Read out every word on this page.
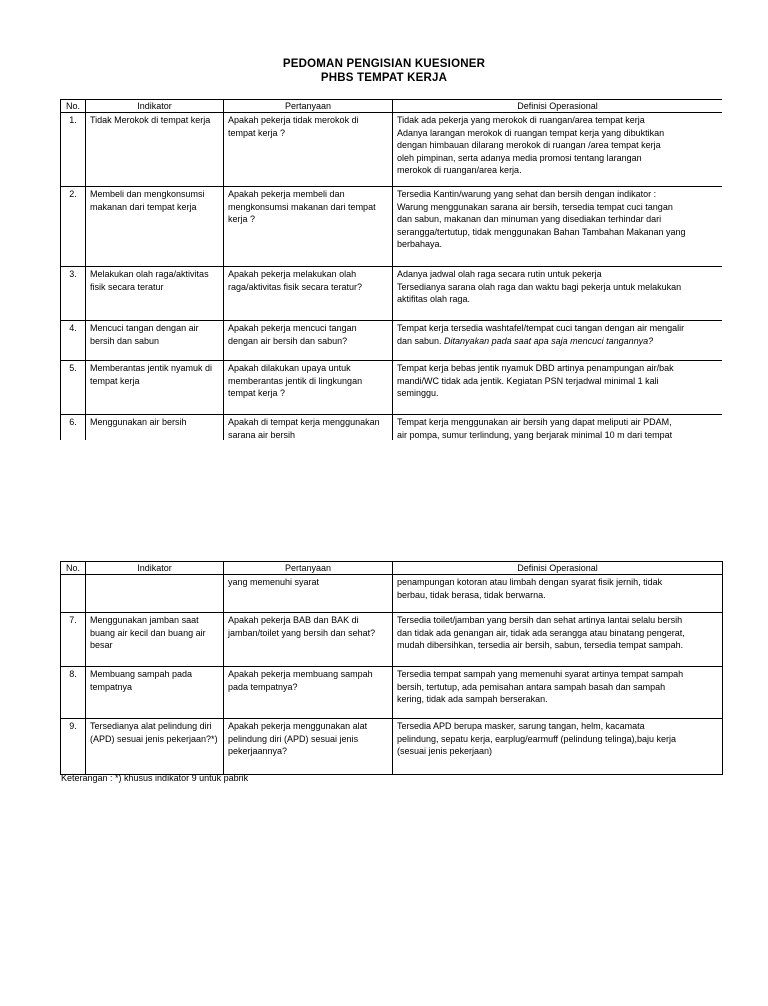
PEDOMAN PENGISIAN KUESIONER
PHBS TEMPAT KERJA
No.	Indikator	Pertanyaan	Definisi Operasional
1.	Tidak Merokok di tempat kerja	Apakah pekerja tidak merokok di tempat kerja ?	Tidak ada pekerja yang merokok di ruangan/area tempat kerja
Adanya larangan merokok di ruangan tempat kerja yang dibuktikan
dengan himbauan dilarang merokok di ruangan /area tempat kerja
oleh pimpinan, serta adanya media promosi tentang larangan
merokok di ruangan/area kerja.

2.	Membeli dan mengkonsumsi makanan dari tempat kerja	Apakah pekerja membeli dan mengkonsumsi makanan dari tempat kerja ?	Tersedia Kantin/warung yang sehat dan bersih dengan indikator :
Warung menggunakan sarana air bersih, tersedia tempat cuci tangan
dan sabun, makanan dan minuman yang disediakan terhindar dari
serangga/tertutup, tidak menggunakan Bahan Tambahan Makanan yang
berbahaya.

3.	Melakukan olah raga/aktivitas fisik secara teratur	Apakah pekerja melakukan olah raga/aktivitas fisik secara teratur?	Adanya jadwal olah raga secara rutin untuk pekerja
Tersedianya sarana olah raga dan waktu bagi pekerja untuk melakukan
aktifitas olah raga.

4.	Mencuci tangan dengan air bersih dan sabun	Apakah pekerja mencuci tangan dengan air bersih dan sabun?	Tempat kerja tersedia washtafel/tempat cuci tangan dengan air mengalir
dan sabun. Ditanyakan pada saat apa saja mencuci tangannya?

5.	Memberantas jentik nyamuk di tempat kerja	Apakah dilakukan upaya untuk memberantas jentik di lingkungan tempat kerja ?	Tempat kerja bebas jentik nyamuk DBD artinya penampungan air/bak
mandi/WC tidak ada jentik. Kegiatan PSN terjadwal minimal 1 kali
seminggu.

6.	Menggunakan air bersih	Apakah di tempat kerja menggunakan sarana air bersih	Tempat kerja menggunakan air bersih yang dapat meliputi air PDAM,
air pompa, sumur terlindung, yang berjarak minimal 10 m dari tempat
No.	Indikator	Pertanyaan	Definisi Operasional
		yang memenuhi syarat	penampungan kotoran atau limbah dengan syarat fisik jernih, tidak
berbau, tidak berasa, tidak berwarna.

7.	Menggunakan jamban saat buang air kecil dan buang air besar	Apakah pekerja BAB dan BAK di jamban/toilet yang bersih dan sehat?	Tersedia toilet/jamban yang bersih dan sehat artinya lantai selalu bersih
dan tidak ada genangan air, tidak ada serangga atau binatang pengerat,
mudah dibersihkan, tersedia air bersih, sabun, tersedia tempat sampah.

8.	Membuang sampah pada tempatnya	Apakah pekerja membuang sampah pada tempatnya?	Tersedia tempat sampah yang memenuhi syarat artinya tempat sampah
bersih, tertutup, ada pemisahan antara sampah basah dan sampah
kering, tidak ada sampah berserakan.

9.	Tersedianya alat pelindung diri (APD) sesuai jenis pekerjaan?*)	Apakah pekerja menggunakan alat pelindung diri (APD) sesuai jenis pekerjaannya?	Tersedia APD berupa masker, sarung tangan, helm, kacamata
pelindung, sepatu kerja, earplug/earmuff (pelindung telinga),baju kerja
(sesuai jenis pekerjaan)
Keterangan : *) khusus indikator 9 untuk pabrik
